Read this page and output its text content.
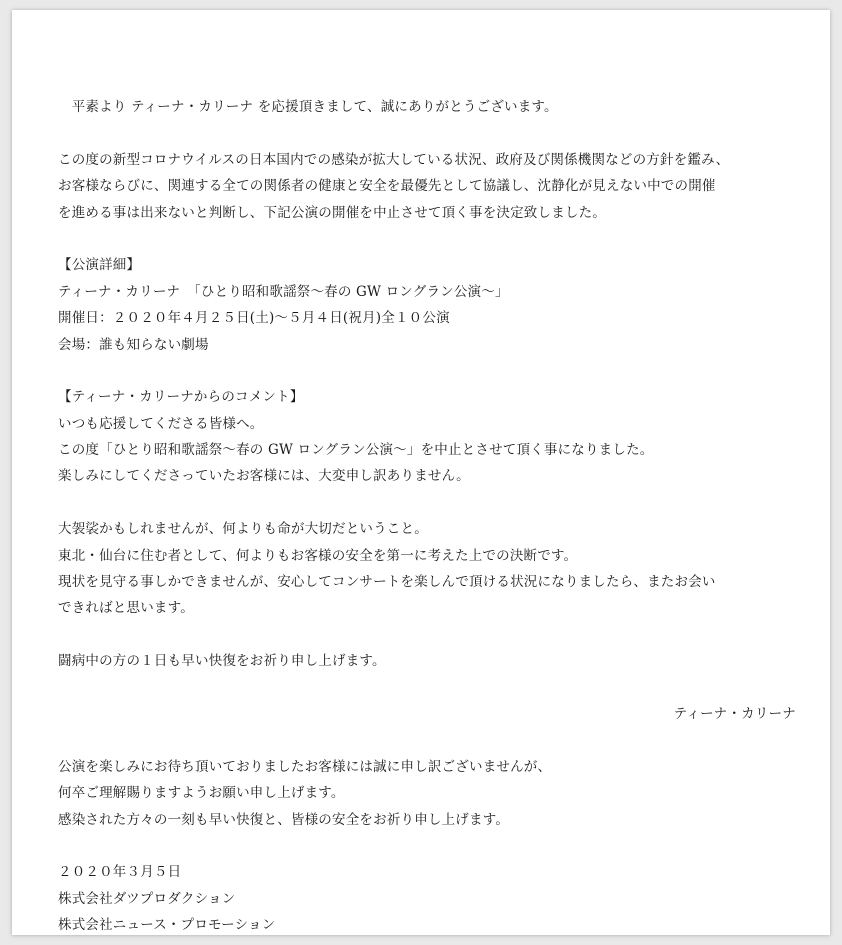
　平素より ティーナ・カリーナ を応援頂きまして、誠にありがとうございます。
この度の新型コロナウイルスの日本国内での感染が拡大している状況、政府及び関係機関などの方針を鑑み、
お客様ならびに、関連する全ての関係者の健康と安全を最優先として協議し、沈静化が見えない中での開催
を進める事は出来ないと判断し、下記公演の開催を中止させて頂く事を決定致しました。
【公演詳細】
ティーナ・カリーナ　「ひとり昭和歌謡祭～春の GW ロングラン公演～」
開催日：２０２０年４月２５日(土)～５月４日(祝月)全１０公演
会場：誰も知らない劇場
【ティーナ・カリーナからのコメント】
いつも応援してくださる皆様へ。
この度「ひとり昭和歌謡祭～春の GW ロングラン公演～」を中止とさせて頂く事になりました。
楽しみにしてくださっていたお客様には、大変申し訳ありません。
大袈裟かもしれませんが、何よりも命が大切だということ。
東北・仙台に住む者として、何よりもお客様の安全を第一に考えた上での決断です。
現状を見守る事しかできませんが、安心してコンサートを楽しんで頂ける状況になりましたら、またお会い
できればと思います。
闘病中の方の１日も早い快復をお祈り申し上げます。
ティーナ・カリーナ
公演を楽しみにお待ち頂いておりましたお客様には誠に申し訳ございませんが、
何卒ご理解賜りますようお願い申し上げます。
感染された方々の一刻も早い快復と、皆様の安全をお祈り申し上げます。
２０２０年３月５日
株式会社ダツプロダクション
株式会社ニュース・プロモーション
